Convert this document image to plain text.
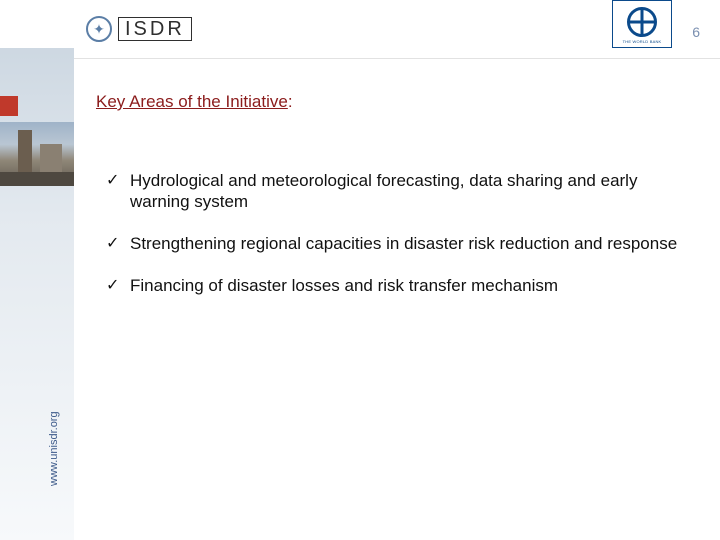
✦	ISDR
THE WORLD BANK
6
Key Areas of the Initiative:
✓ Hydrological and meteorological forecasting, data sharing and early warning system
✓ Strengthening regional capacities in disaster risk reduction and response
✓ Financing of disaster losses and risk transfer mechanism
www.unisdr.org
